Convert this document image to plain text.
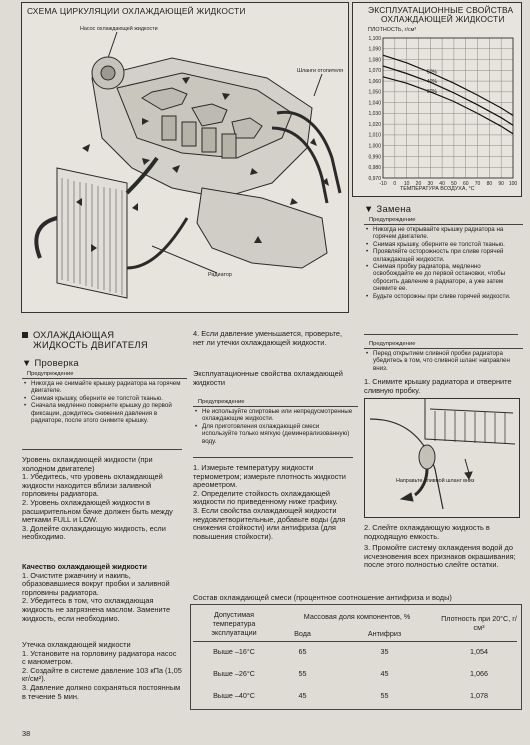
СХЕМА ЦИРКУЛЯЦИИ ОХЛАЖДАЮЩЕЙ ЖИДКОСТИ
Насос охлаждающей жидкости
Шланги отопителя
Радиатор
ЭКСПЛУАТАЦИОННЫЕ СВОЙСТВА
ОХЛАЖДАЮЩЕЙ ЖИДКОСТИ
ПЛОТНОСТЬ, г/см³
ТЕМПЕРАТУРА ВОЗДУХА, °С
1,100
1,090
1,080
1,070
1,060
1,050
1,040
1,030
1,020
1,010
1,000
0,990
0,980
0,970
-10 0 10 20 30 40 50 60 70 80 90 100
50%
40%
30%
▼ Замена
Предупреждение
• Никогда не открывайте крышку радиатора на горячем двигателе.
• Снимая крышку, оберните ее толстой тканью.
• Проявляйте осторожность при сливе горячей охлаждающей жидкости.
• Снимая пробку радиатора, медленно освобождайте ее до первой остановки, чтобы сбросить давление в радиаторе, а уже затем снимите ее.
• Будьте осторожны при сливе горячей жидкости.
Предупреждение
• Перед открытием сливной пробки радиатора убедитесь в том, что сливной шланг направлен вниз.
1. Снимите крышку радиатора и отверните сливную пробку.
Направьте сливной шланг вниз
2. Слейте охлаждающую жидкость в подходящую емкость.
3. Промойте систему охлаждения водой до исчезновения всех признаков окрашивания; после этого полностью слейте остатки.
ОХЛАЖДАЮЩАЯ
ЖИДКОСТЬ ДВИГАТЕЛЯ
▼ Проверка
Предупреждение
• Никогда не снимайте крышку радиатора на горячем двигателе.
• Снимая крышку, оберните ее толстой тканью.
• Сначала медленно поверните крышку до первой фиксации, дождитесь снижения давления в радиаторе, после этого снимите крышку.
Уровень охлаждающей жидкости (при холодном двигателе)
1. Убедитесь, что уровень охлаждающей жидкости находится вблизи заливной горловины радиатора.
2. Уровень охлаждающей жидкости в расширительном бачке должен быть между метками FULL и LOW.
3. Долейте охлаждающую жидкость, если необходимо.
Качество охлаждающей жидкости
1. Очистите ржавчину и накипь, образовавшиеся вокруг пробки и заливной горловины радиатора.
2. Убедитесь в том, что охлаждающая жидкость не загрязнена маслом. Замените жидкость, если необходимо.
Утечка охлаждающей жидкости
1. Установите на горловину радиатора насос с манометром.
2. Создайте в системе давление 103 кПа (1,05 кг/см²).
3. Давление должно сохраняться постоянным в течение 5 мин.
4. Если давление уменьшается, проверьте, нет ли утечки охлаждающей жидкости.
Эксплуатационные свойства охлаждающей жидкости
Предупреждение
• Не используйте спиртовые или непредусмотренные охлаждающие жидкости.
• Для приготовления охлаждающей смеси используйте только мягкую (деминерализованную) воду.
1. Измерьте температуру жидкости термометром; измерьте плотность жидкости ареометром.
2. Определите стойкость охлаждающей жидкости по приведенному ниже графику.
3. Если свойства охлаждающей жидкости неудовлетворительные, добавьте воды (для снижения стойкости) или антифриза (для повышения стойкости).
Состав охлаждающей смеси (процентное соотношение антифриза и воды)
Допустимая температура эксплуатации	Массовая доля компонентов, %		Плотность при 20°С, г/см³
	Вода	Антифриз	
Выше –16°С	65	35	1,054
Выше –26°С	55	45	1,066
Выше –40°С	45	55	1,078
38
